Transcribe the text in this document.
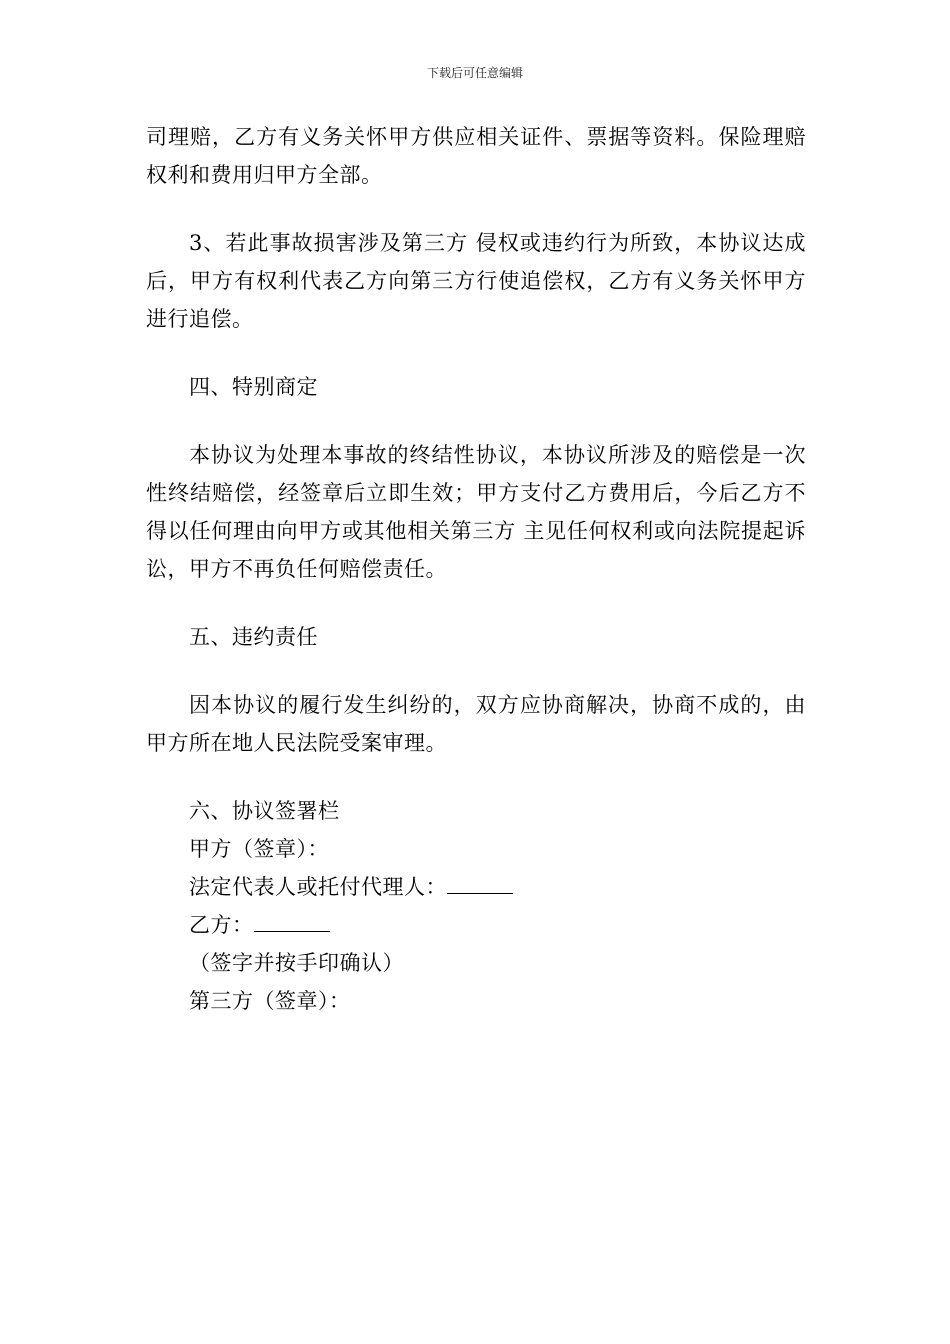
下载后可任意编辑

司理赔，乙方有义务关怀甲方供应相关证件、票据等资料。保险理赔权利和费用归甲方全部。

3、若此事故损害涉及第三方 侵权或违约行为所致，本协议达成后，甲方有权利代表乙方向第三方行使追偿权，乙方有义务关怀甲方进行追偿。

四、特别商定

本协议为处理本事故的终结性协议，本协议所涉及的赔偿是一次性终结赔偿，经签章后立即生效；甲方支付乙方费用后，今后乙方不得以任何理由向甲方或其他相关第三方 主见任何权利或向法院提起诉讼，甲方不再负任何赔偿责任。

五、违约责任

因本协议的履行发生纠纷的，双方应协商解决，协商不成的，由甲方所在地人民法院受案审理。

六、协议签署栏

甲方（签章）：

法定代表人或托付代理人：

乙方：

（签字并按手印确认）

第三方（签章）：
